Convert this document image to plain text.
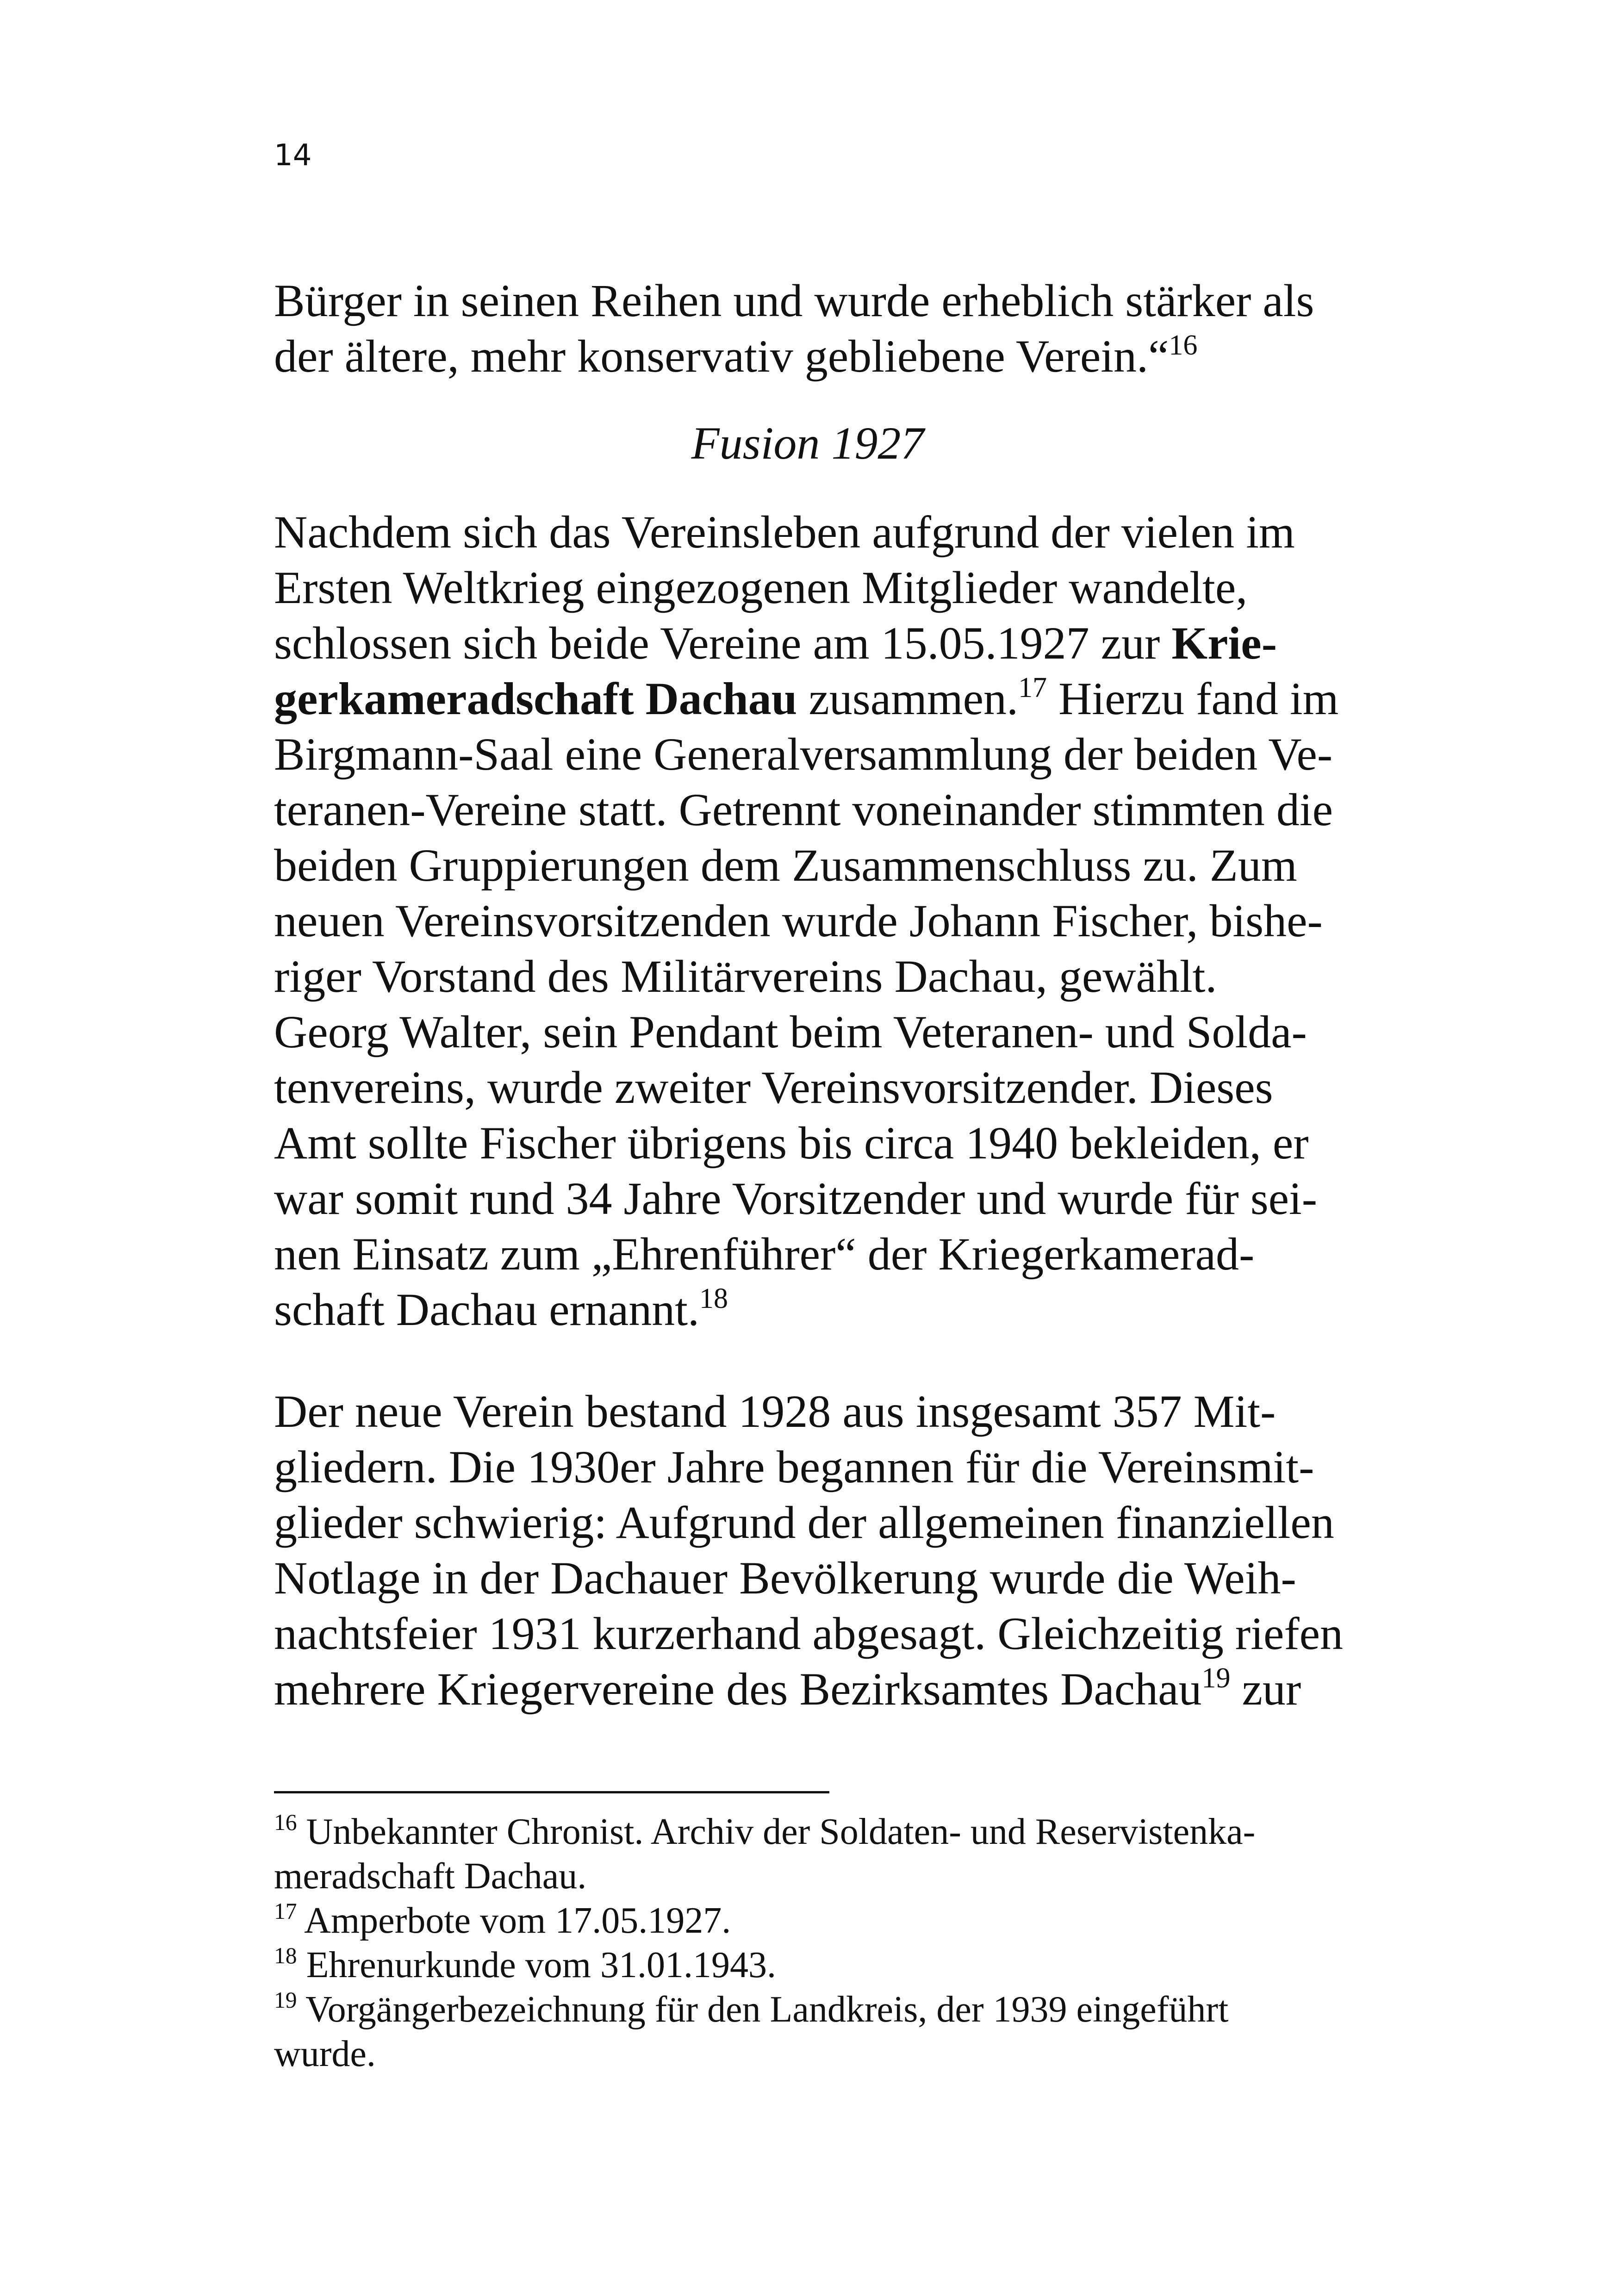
14
Bürger in seinen Reihen und wurde erheblich stärker als
der ältere, mehr konservativ gebliebene Verein.“$^{16}$
Fusion 1927
Nachdem sich das Vereinsleben aufgrund der vielen im
Ersten Weltkrieg eingezogenen Mitglieder wandelte,
schlossen sich beide Vereine am 15.05.1927 zur Krie-
gerkameradschaft Dachau zusammen.$^{17}$ Hierzu fand im
Birgmann-Saal eine Generalversammlung der beiden Ve-
teranen-Vereine statt. Getrennt voneinander stimmten die
beiden Gruppierungen dem Zusammenschluss zu. Zum
neuen Vereinsvorsitzenden wurde Johann Fischer, bishe-
riger Vorstand des Militärvereins Dachau, gewählt.
Georg Walter, sein Pendant beim Veteranen- und Solda-
tenvereins, wurde zweiter Vereinsvorsitzender. Dieses
Amt sollte Fischer übrigens bis circa 1940 bekleiden, er
war somit rund 34 Jahre Vorsitzender und wurde für sei-
nen Einsatz zum „Ehrenführer“ der Kriegerkamerad-
schaft Dachau ernannt.$^{18}$
Der neue Verein bestand 1928 aus insgesamt 357 Mit-
gliedern. Die 1930er Jahre begannen für die Vereinsmit-
glieder schwierig: Aufgrund der allgemeinen finanziellen
Notlage in der Dachauer Bevölkerung wurde die Weih-
nachtsfeier 1931 kurzerhand abgesagt. Gleichzeitig riefen
mehrere Kriegervereine des Bezirksamtes Dachau$^{19}$ zur
$^{16}$ Unbekannter Chronist. Archiv der Soldaten- und Reservistenka-
meradschaft Dachau.
$^{17}$ Amperbote vom 17.05.1927.
$^{18}$ Ehrenurkunde vom 31.01.1943.
$^{19}$ Vorgängerbezeichnung für den Landkreis, der 1939 eingeführt
wurde.
